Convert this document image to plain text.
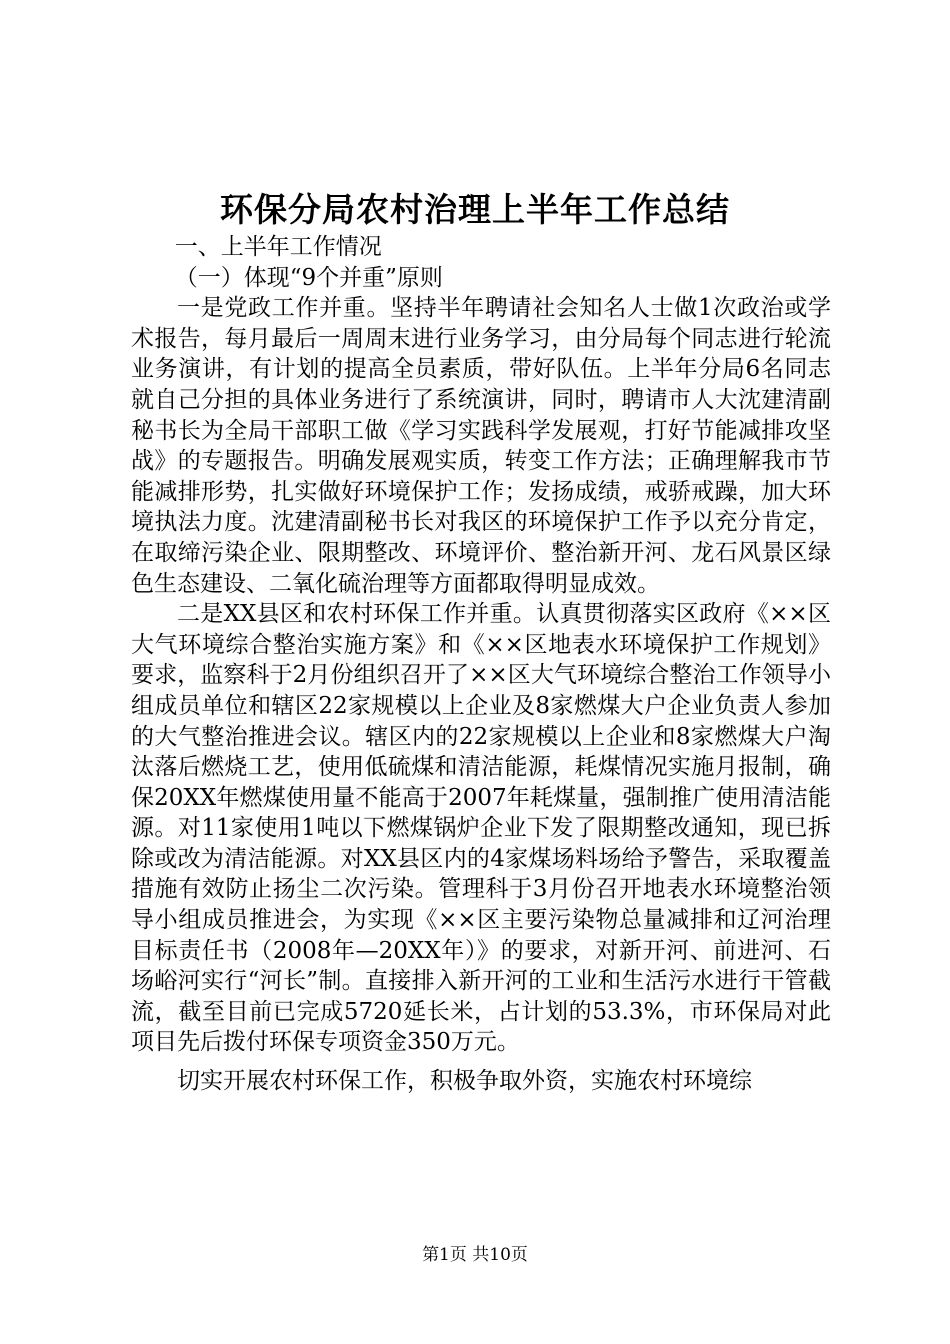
环保分局农村治理上半年工作总结

一、上半年工作情况

（一）体现“9个并重”原则

一是党政工作并重。坚持半年聘请社会知名人士做1次政治或学术报告，每月最后一周周末进行业务学习，由分局每个同志进行轮流业务演讲，有计划的提高全员素质，带好队伍。上半年分局6名同志就自己分担的具体业务进行了系统演讲，同时，聘请市人大沈建清副秘书长为全局干部职工做《学习实践科学发展观，打好节能减排攻坚战》的专题报告。明确发展观实质，转变工作方法；正确理解我市节能减排形势，扎实做好环境保护工作；发扬成绩，戒骄戒躁，加大环境执法力度。沈建清副秘书长对我区的环境保护工作予以充分肯定，在取缔污染企业、限期整改、环境评价、整治新开河、龙石风景区绿色生态建设、二氧化硫治理等方面都取得明显成效。

二是XX县区和农村环保工作并重。认真贯彻落实区政府《××区大气环境综合整治实施方案》和《××区地表水环境保护工作规划》要求，监察科于2月份组织召开了××区大气环境综合整治工作领导小组成员单位和辖区22家规模以上企业及8家燃煤大户企业负责人参加的大气整治推进会议。辖区内的22家规模以上企业和8家燃煤大户淘汰落后燃烧工艺，使用低硫煤和清洁能源，耗煤情况实施月报制，确保20XX年燃煤使用量不能高于2007年耗煤量，强制推广使用清洁能源。对11家使用1吨以下燃煤锅炉企业下发了限期整改通知，现已拆除或改为清洁能源。对XX县区内的4家煤场料场给予警告，采取覆盖措施有效防止扬尘二次污染。管理科于3月份召开地表水环境整治领导小组成员推进会，为实现《××区主要污染物总量减排和辽河治理目标责任书（2008年—20XX年）》的要求，对新开河、前进河、石场峪河实行“河长”制。直接排入新开河的工业和生活污水进行干管截流，截至目前已完成5720延长米，占计划的53.3%，市环保局对此项目先后拨付环保专项资金350万元。

切实开展农村环保工作，积极争取外资，实施农村环境综

第1页 共10页
